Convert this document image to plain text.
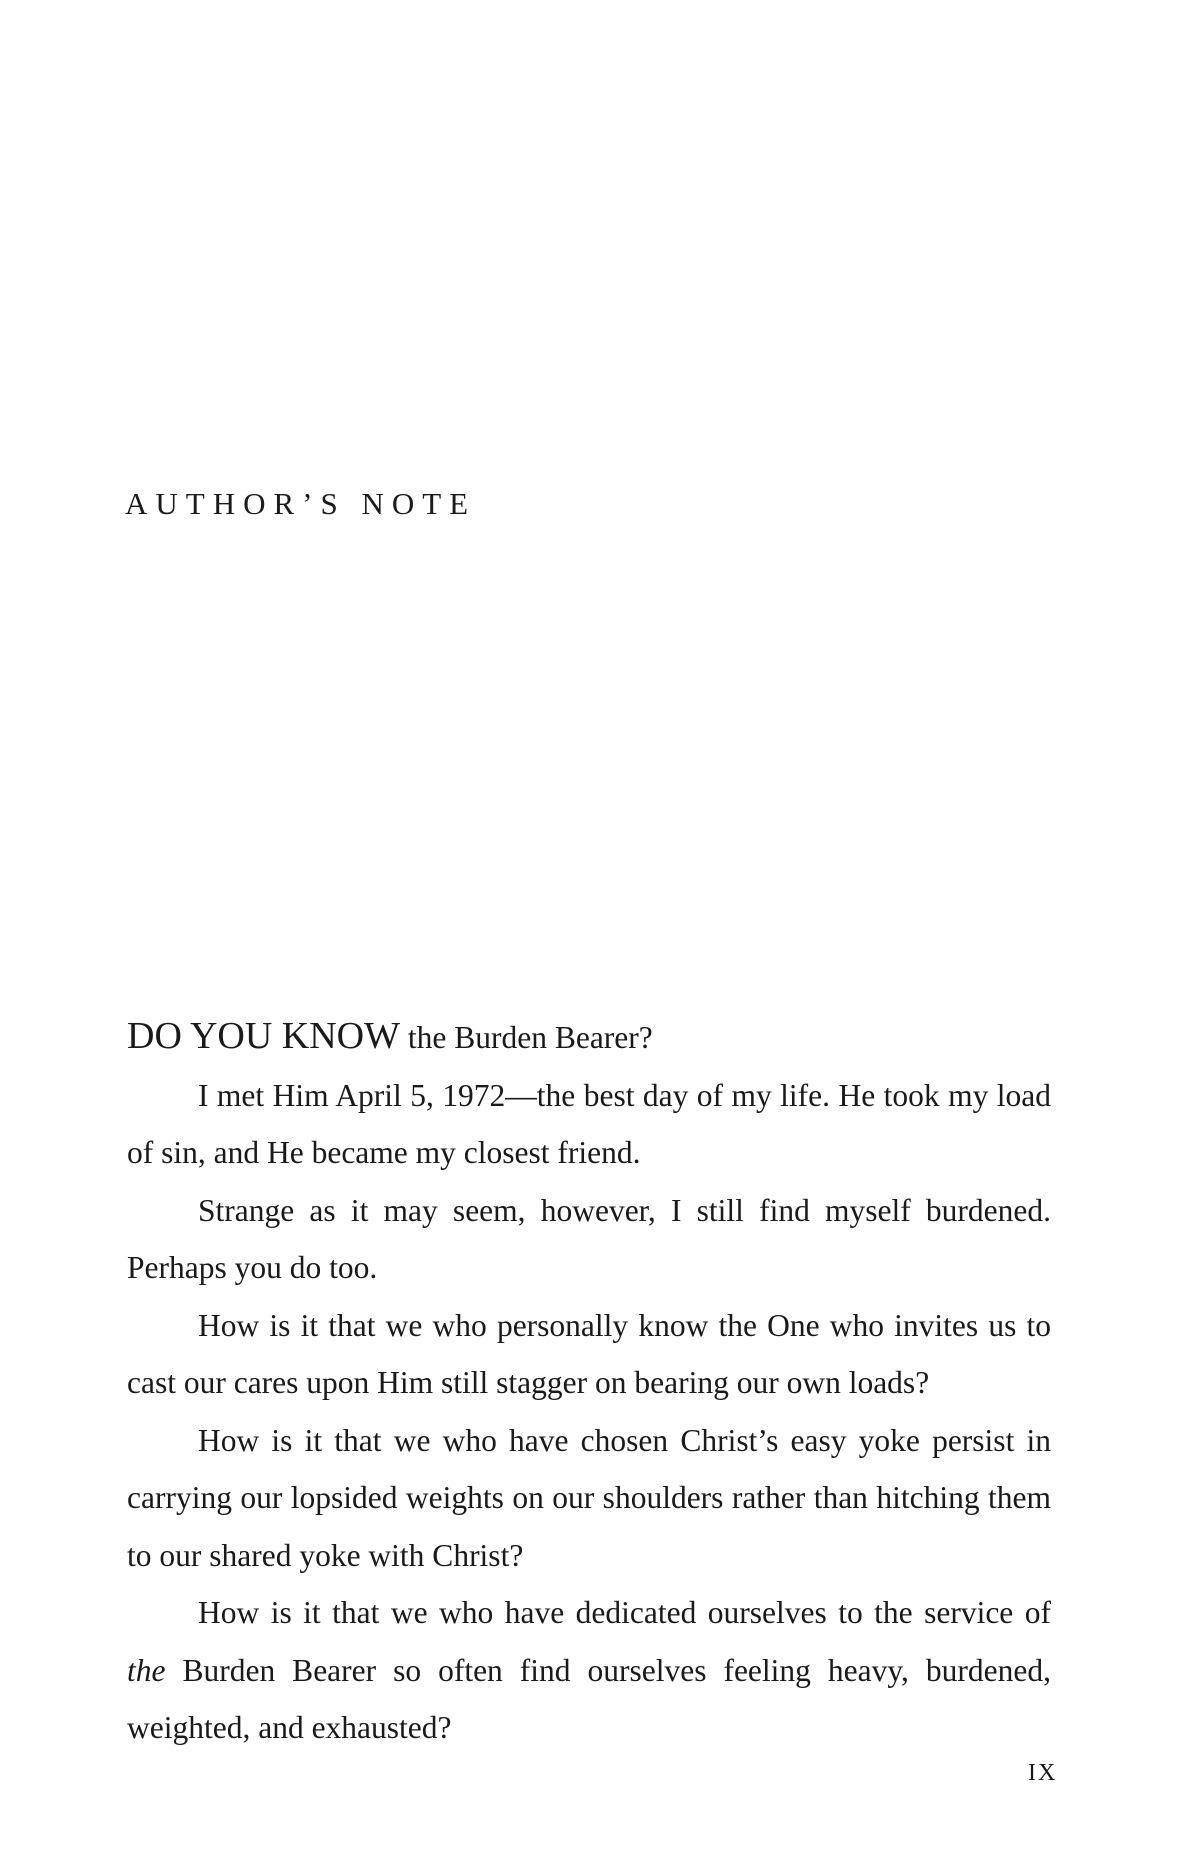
AUTHOR’S NOTE

DO YOU KNOW the Burden Bearer?

I met Him April 5, 1972—the best day of my life. He took my load of sin, and He became my closest friend.

Strange as it may seem, however, I still find myself burdened. Perhaps you do too.

How is it that we who personally know the One who invites us to cast our cares upon Him still stagger on bearing our own loads?

How is it that we who have chosen Christ’s easy yoke persist in carrying our lopsided weights on our shoulders rather than hitching them to our shared yoke with Christ?

How is it that we who have dedicated ourselves to the service of the Burden Bearer so often find ourselves feeling heavy, burdened, weighted, and exhausted?

IX
